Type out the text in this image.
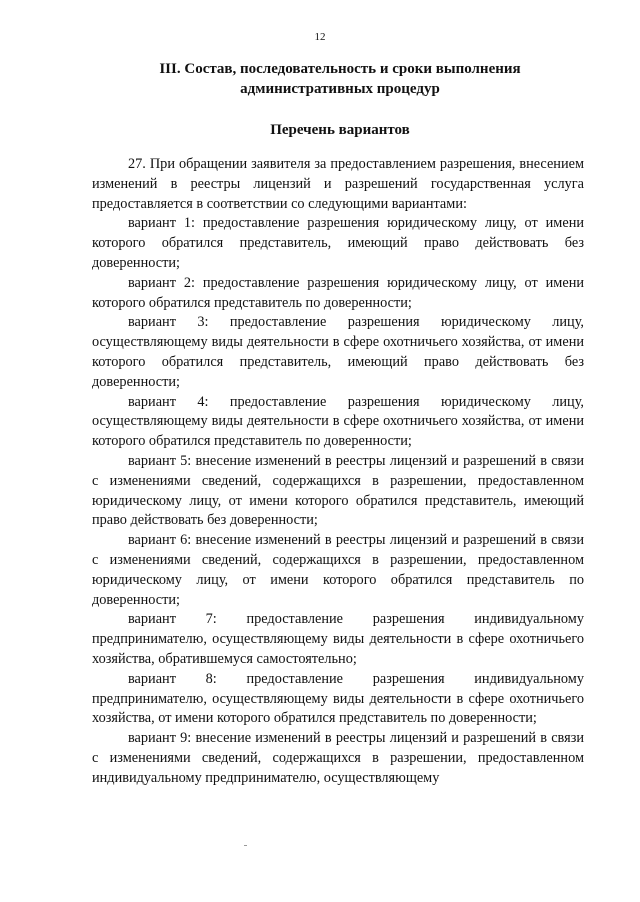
12
III. Состав, последовательность и сроки выполнения
административных процедур
Перечень вариантов

27. При обращении заявителя за предоставлением разрешения, внесением изменений в реестры лицензий и разрешений государственная услуга предоставляется в соответствии со следующими вариантами:

вариант 1: предоставление разрешения юридическому лицу, от имени которого обратился представитель, имеющий право действовать без доверенности;

вариант 2: предоставление разрешения юридическому лицу, от имени которого обратился представитель по доверенности;

вариант 3: предоставление разрешения юридическому лицу, осуществляющему виды деятельности в сфере охотничьего хозяйства, от имени которого обратился представитель, имеющий право действовать без доверенности;

вариант 4: предоставление разрешения юридическому лицу, осуществляющему виды деятельности в сфере охотничьего хозяйства, от имени которого обратился представитель по доверенности;

вариант 5: внесение изменений в реестры лицензий и разрешений в связи с изменениями сведений, содержащихся в разрешении, предоставленном юридическому лицу, от имени которого обратился представитель, имеющий право действовать без доверенности;

вариант 6: внесение изменений в реестры лицензий и разрешений в связи с изменениями сведений, содержащихся в разрешении, предоставленном юридическому лицу, от имени которого обратился представитель по доверенности;

вариант 7: предоставление разрешения индивидуальному предпринимателю, осуществляющему виды деятельности в сфере охотничьего хозяйства, обратившемуся самостоятельно;

вариант 8: предоставление разрешения индивидуальному предпринимателю, осуществляющему виды деятельности в сфере охотничьего хозяйства, от имени которого обратился представитель по доверенности;

вариант 9: внесение изменений в реестры лицензий и разрешений в связи с изменениями сведений, содержащихся в разрешении, предоставленном индивидуальному предпринимателю, осуществляющему
